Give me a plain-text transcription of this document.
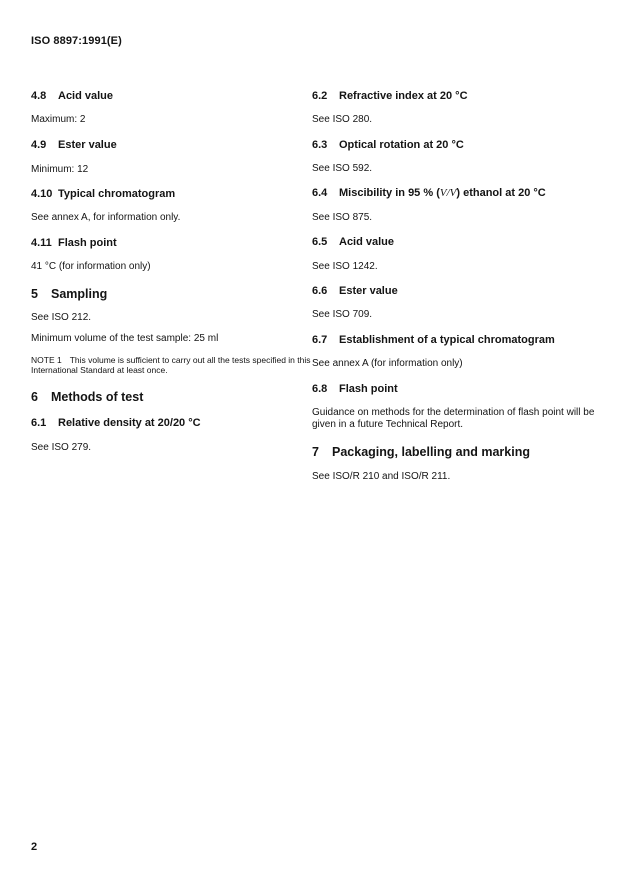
ISO 8897:1991(E)
4.8 Acid value
Maximum: 2
4.9 Ester value
Minimum: 12
4.10 Typical chromatogram
See annex A, for information only.
4.11 Flash point
41 °C (for information only)
5 Sampling
See ISO 212.
Minimum volume of the test sample: 25 ml
NOTE 1 This volume is sufficient to carry out all the tests specified in this International Standard at least once.
6 Methods of test
6.1 Relative density at 20/20 °C
See ISO 279.
6.2 Refractive index at 20 °C
See ISO 280.
6.3 Optical rotation at 20 °C
See ISO 592.
6.4 Miscibility in 95 % (V/V) ethanol at 20 °C
See ISO 875.
6.5 Acid value
See ISO 1242.
6.6 Ester value
See ISO 709.
6.7 Establishment of a typical chromatogram
See annex A (for information only)
6.8 Flash point
Guidance on methods for the determination of flash point will be given in a future Technical Report.
7 Packaging, labelling and marking
See ISO/R 210 and ISO/R 211.
2
